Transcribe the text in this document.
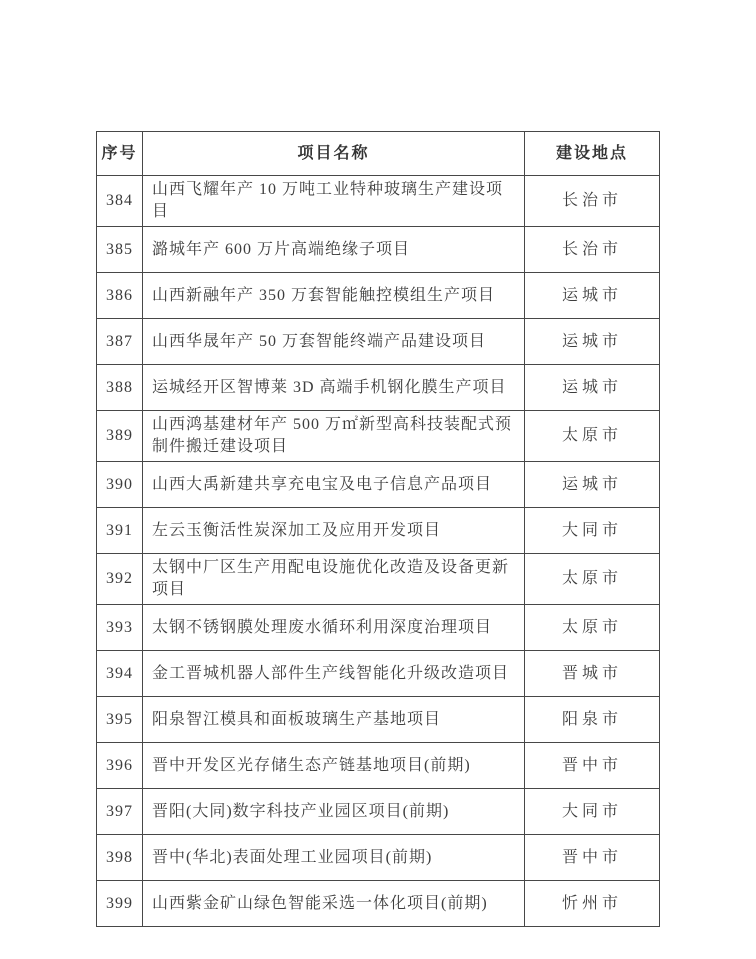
序号	项目名称	建设地点
384	山西飞耀年产 10 万吨工业特种玻璃生产建设项目	长治市
385	潞城年产 600 万片高端绝缘子项目	长治市
386	山西新融年产 350 万套智能触控模组生产项目	运城市
387	山西华晟年产 50 万套智能终端产品建设项目	运城市
388	运城经开区智博莱 3D 高端手机钢化膜生产项目	运城市
389	山西鸿基建材年产 500 万㎡新型高科技装配式预制件搬迁建设项目	太原市
390	山西大禹新建共享充电宝及电子信息产品项目	运城市
391	左云玉衡活性炭深加工及应用开发项目	大同市
392	太钢中厂区生产用配电设施优化改造及设备更新项目	太原市
393	太钢不锈钢膜处理废水循环利用深度治理项目	太原市
394	金工晋城机器人部件生产线智能化升级改造项目	晋城市
395	阳泉智江模具和面板玻璃生产基地项目	阳泉市
396	晋中开发区光存储生态产链基地项目(前期)	晋中市
397	晋阳(大同)数字科技产业园区项目(前期)	大同市
398	晋中(华北)表面处理工业园项目(前期)	晋中市
399	山西紫金矿山绿色智能采选一体化项目(前期)	忻州市
